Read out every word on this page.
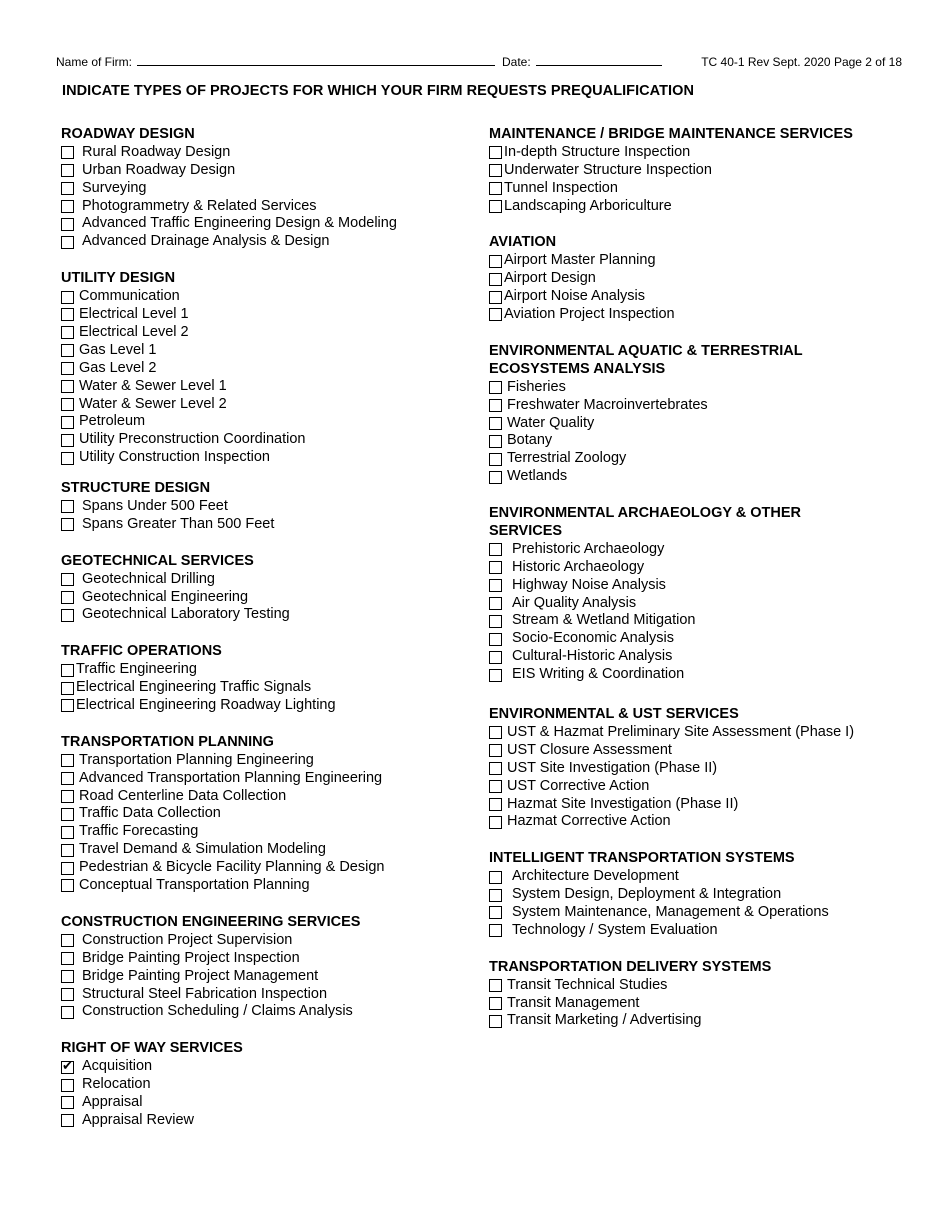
Name of Firm:	Date:	TC 40-1 Rev Sept. 2020 Page 2 of 18
INDICATE TYPES OF PROJECTS FOR WHICH YOUR FIRM REQUESTS PREQUALIFICATION
ROADWAY DESIGN
Rural Roadway Design
Urban Roadway Design
Surveying
Photogrammetry & Related Services
Advanced Traffic Engineering Design & Modeling
Advanced Drainage Analysis & Design
UTILITY DESIGN
Communication
Electrical Level 1
Electrical Level 2
Gas Level 1
Gas Level 2
Water & Sewer Level 1
Water & Sewer Level 2
Petroleum
Utility Preconstruction Coordination
Utility Construction Inspection
STRUCTURE DESIGN
Spans Under 500 Feet
Spans Greater Than 500 Feet
GEOTECHNICAL SERVICES
Geotechnical Drilling
Geotechnical Engineering
Geotechnical Laboratory Testing
TRAFFIC OPERATIONS
Traffic Engineering
Electrical Engineering Traffic Signals
Electrical Engineering Roadway Lighting
TRANSPORTATION PLANNING
Transportation Planning Engineering
Advanced Transportation Planning Engineering
Road Centerline Data Collection
Traffic Data Collection
Traffic Forecasting
Travel Demand & Simulation Modeling
Pedestrian & Bicycle Facility Planning & Design
Conceptual Transportation Planning
CONSTRUCTION ENGINEERING SERVICES
Construction Project Supervision
Bridge Painting Project Inspection
Bridge Painting Project Management
Structural Steel Fabrication Inspection
Construction Scheduling / Claims Analysis
RIGHT OF WAY SERVICES
✔
Acquisition
Relocation
Appraisal
Appraisal Review
MAINTENANCE / BRIDGE MAINTENANCE SERVICES
In-depth Structure Inspection
Underwater Structure Inspection
Tunnel Inspection
Landscaping Arboriculture
AVIATION
Airport Master Planning
Airport Design
Airport Noise Analysis
Aviation Project Inspection
ENVIRONMENTAL AQUATIC & TERRESTRIAL
ECOSYSTEMS ANALYSIS
Fisheries
Freshwater Macroinvertebrates
Water Quality
Botany
Terrestrial Zoology
Wetlands
ENVIRONMENTAL ARCHAEOLOGY & OTHER
SERVICES
Prehistoric Archaeology
Historic Archaeology
Highway Noise Analysis
Air Quality Analysis
Stream & Wetland Mitigation
Socio-Economic Analysis
Cultural-Historic Analysis
EIS Writing & Coordination
ENVIRONMENTAL & UST SERVICES
UST & Hazmat Preliminary Site Assessment (Phase I)
UST Closure Assessment
UST Site Investigation (Phase II)
UST Corrective Action
Hazmat Site Investigation (Phase II)
Hazmat Corrective Action
INTELLIGENT TRANSPORTATION SYSTEMS
Architecture Development
System Design, Deployment & Integration
System Maintenance, Management & Operations
Technology / System Evaluation
TRANSPORTATION DELIVERY SYSTEMS
Transit Technical Studies
Transit Management
Transit Marketing / Advertising
